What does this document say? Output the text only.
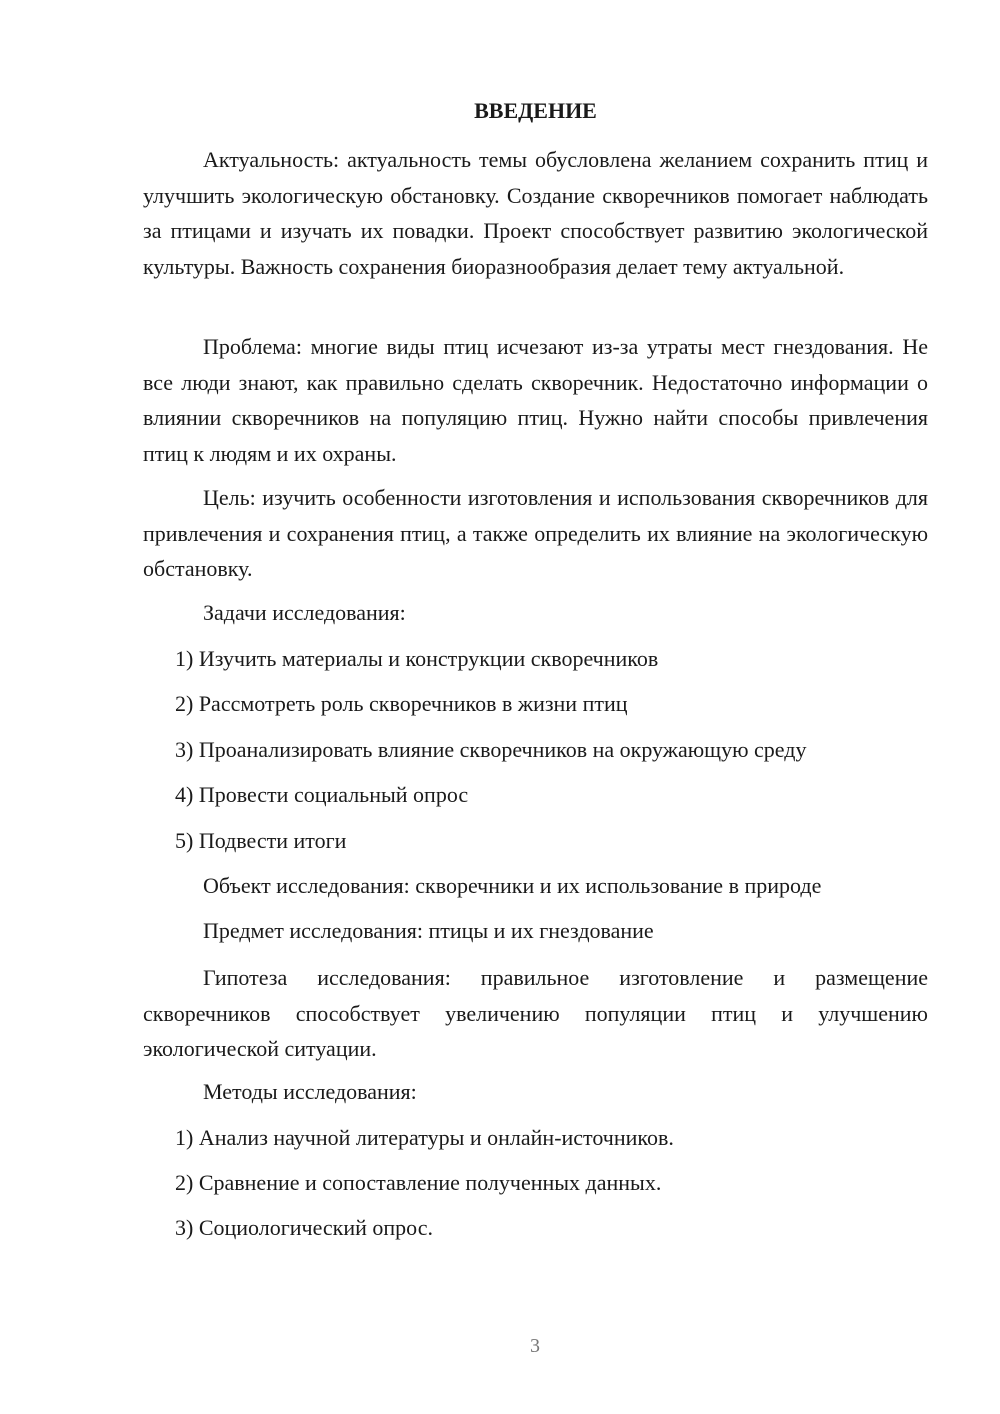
ВВЕДЕНИЕ

Актуальность: актуальность темы обусловлена желанием сохранить птиц и улучшить экологическую обстановку. Создание скворечников помогает наблюдать за птицами и изучать их повадки. Проект способствует развитию экологической культуры. Важность сохранения биоразнообразия делает тему актуальной.

Проблема: многие виды птиц исчезают из-за утраты мест гнездования. Не все люди знают, как правильно сделать скворечник. Недостаточно информации о влиянии скворечников на популяцию птиц. Нужно найти способы привлечения птиц к людям и их охраны.

Цель: изучить особенности изготовления и использования скворечников для привлечения и сохранения птиц, а также определить их влияние на экологическую обстановку.

Задачи исследования:
1) Изучить материалы и конструкции скворечников
2) Рассмотреть роль скворечников в жизни птиц
3) Проанализировать влияние скворечников на окружающую среду
4) Провести социальный опрос
5) Подвести итоги
Объект исследования: скворечники и их использование в природе
Предмет исследования: птицы и их гнездование

Гипотеза исследования: правильное изготовление и размещение скворечников способствует увеличению популяции птиц и улучшению экологической ситуации.

Методы исследования:
1) Анализ научной литературы и онлайн-источников.
2) Сравнение и сопоставление полученных данных.
3) Социологический опрос.
3
